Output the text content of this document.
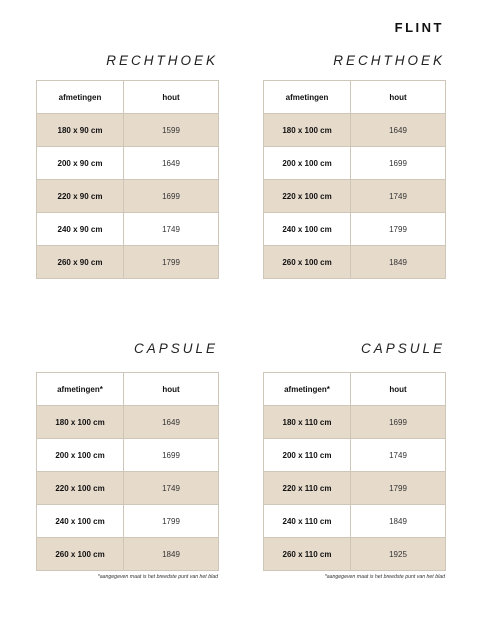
FLINT
RECHTHOEK
afmetingen	hout
180 x 90 cm	1599
200 x 90 cm	1649
220 x 90 cm	1699
240 x 90 cm	1749
260 x 90 cm	1799
RECHTHOEK
afmetingen	hout
180 x 100 cm	1649
200 x 100 cm	1699
220 x 100 cm	1749
240 x 100 cm	1799
260 x 100 cm	1849
CAPSULE
afmetingen*	hout
180 x 100 cm	1649
200 x 100 cm	1699
220 x 100 cm	1749
240 x 100 cm	1799
260 x 100 cm	1849
*aangegeven maat is het breedste punt van het blad
CAPSULE
afmetingen*	hout
180 x 110 cm	1699
200 x 110 cm	1749
220 x 110 cm	1799
240 x 110 cm	1849
260 x 110 cm	1925
*aangegeven maat is het breedste punt van het blad
